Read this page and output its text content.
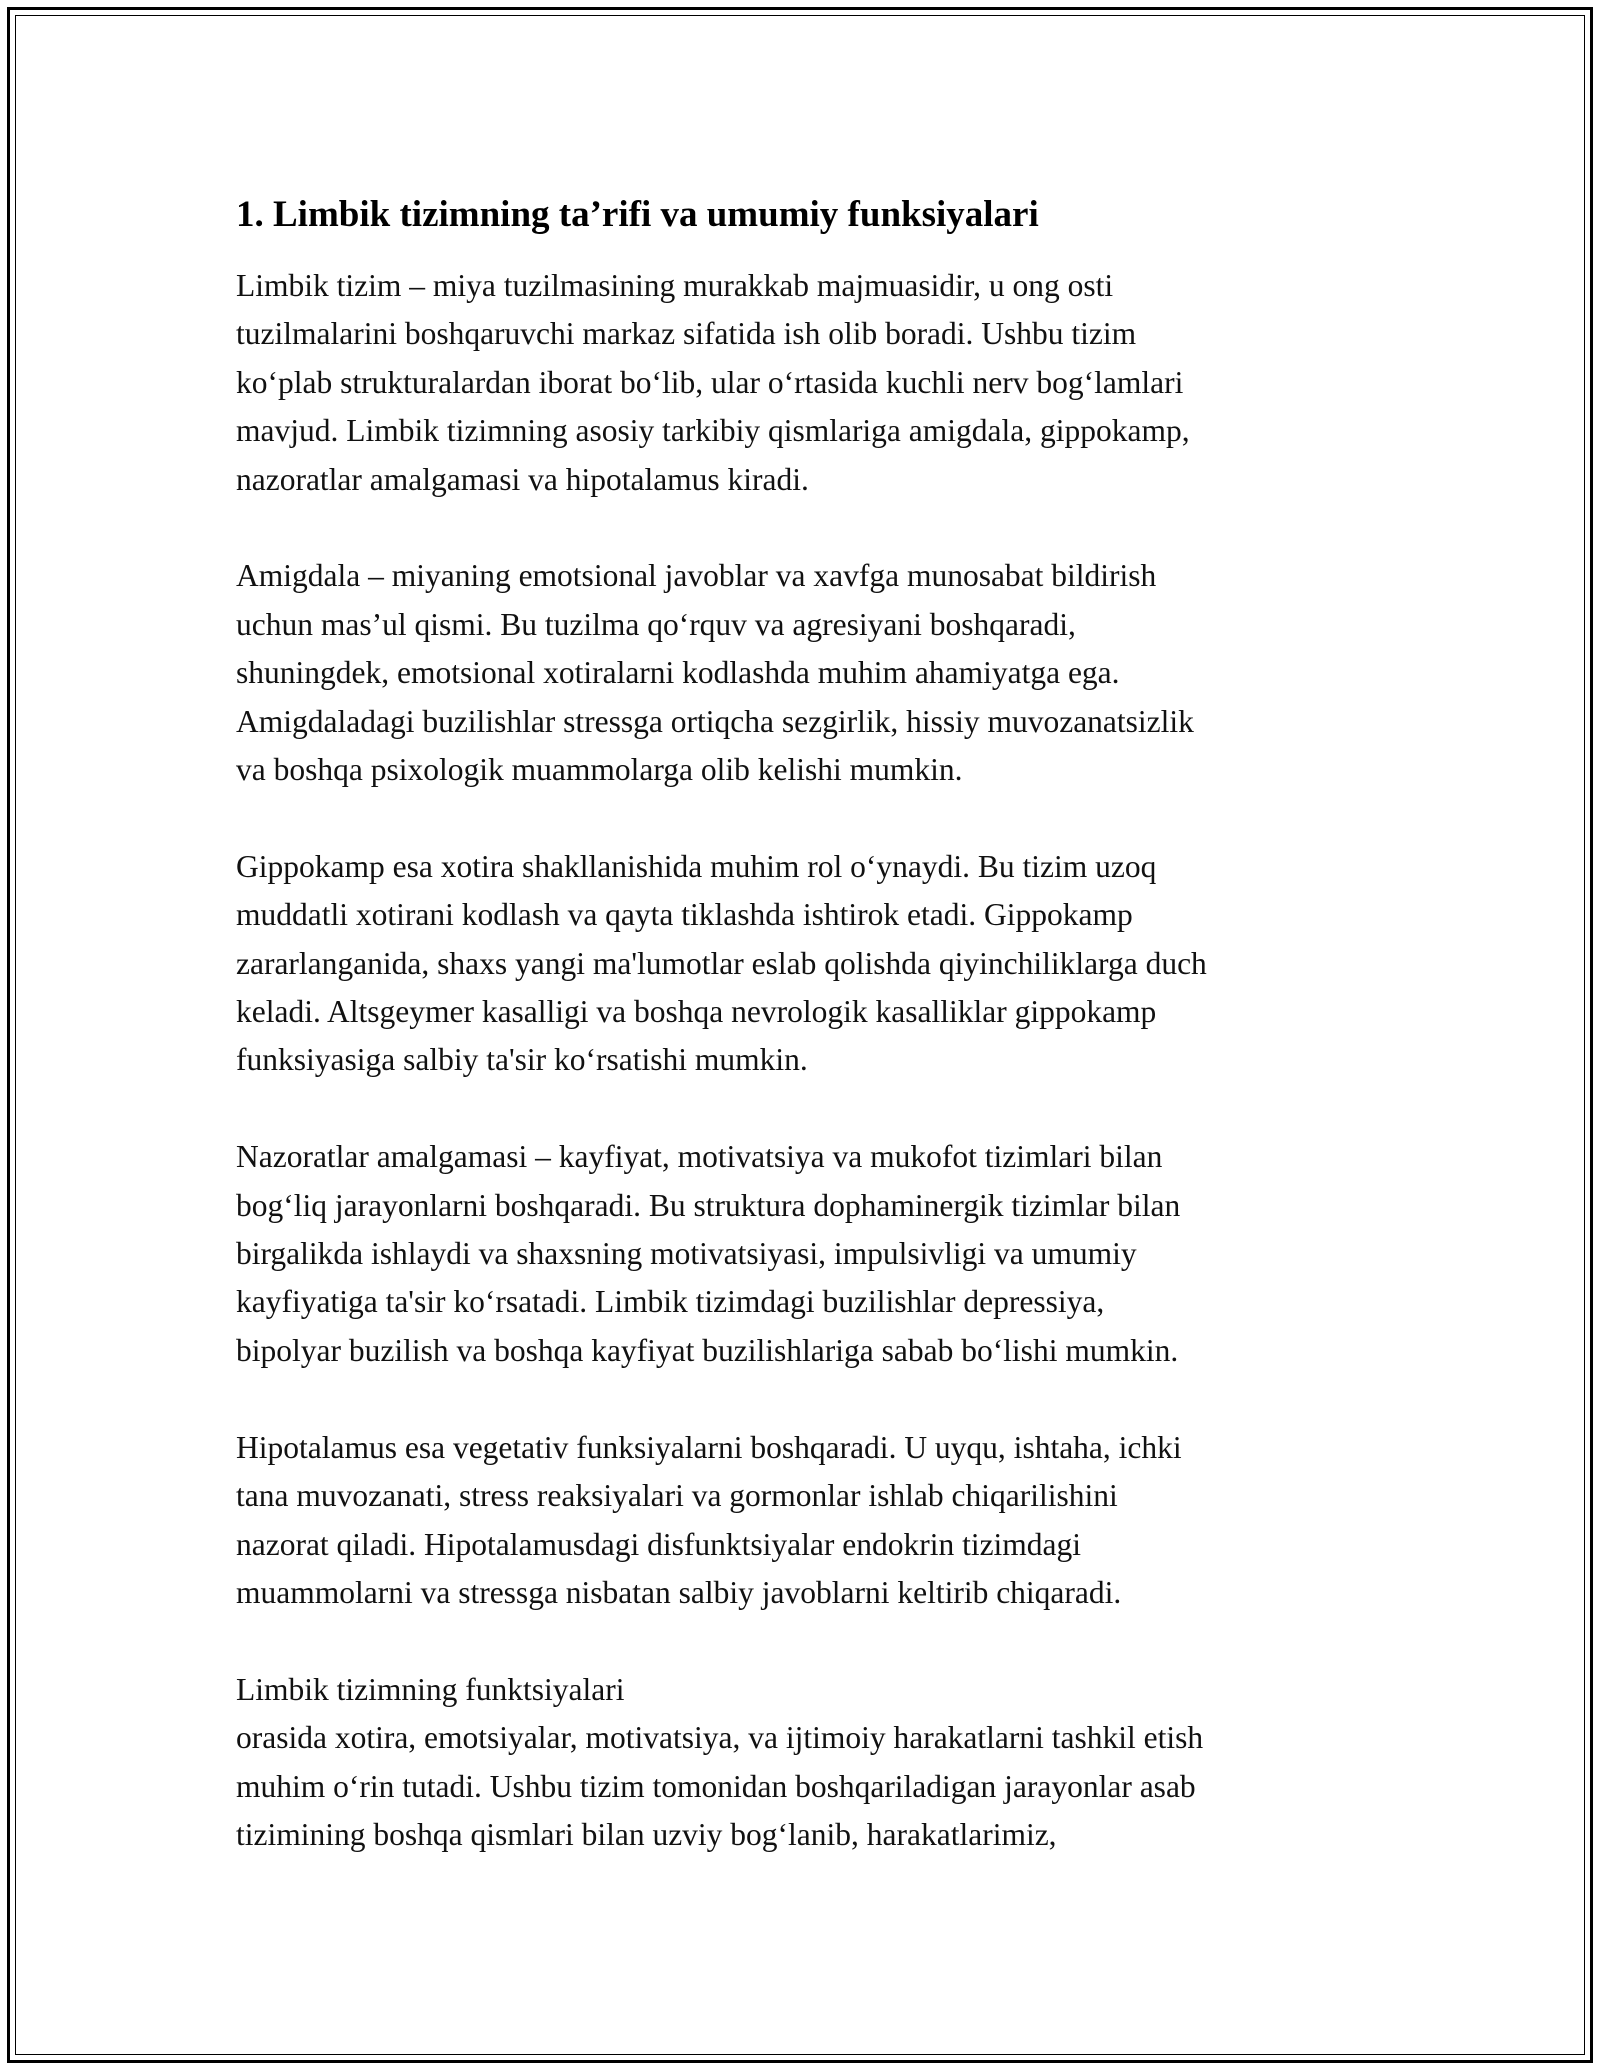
1. Limbik tizimning ta’rifi va umumiy funksiyalari

Limbik tizim – miya tuzilmasining murakkab majmuasidir, u ong osti

tuzilmalarini boshqaruvchi markaz sifatida ish olib boradi. Ushbu tizim

ko‘plab strukturalardan iborat bo‘lib, ular o‘rtasida kuchli nerv bog‘lamlari

mavjud. Limbik tizimning asosiy tarkibiy qismlariga amigdala, gippokamp,

nazoratlar amalgamasi va hipotalamus kiradi.

Amigdala – miyaning emotsional javoblar va xavfga munosabat bildirish

uchun mas’ul qismi. Bu tuzilma qo‘rquv va agresiyani boshqaradi,

shuningdek, emotsional xotiralarni kodlashda muhim ahamiyatga ega.

Amigdaladagi buzilishlar stressga ortiqcha sezgirlik, hissiy muvozanatsizlik

va boshqa psixologik muammolarga olib kelishi mumkin.

Gippokamp esa xotira shakllanishida muhim rol o‘ynaydi. Bu tizim uzoq

muddatli xotirani kodlash va qayta tiklashda ishtirok etadi. Gippokamp

zararlanganida, shaxs yangi ma'lumotlar eslab qolishda qiyinchiliklarga duch

keladi. Altsgeymer kasalligi va boshqa nevrologik kasalliklar gippokamp

funksiyasiga salbiy ta'sir ko‘rsatishi mumkin.

Nazoratlar amalgamasi – kayfiyat, motivatsiya va mukofot tizimlari bilan

bog‘liq jarayonlarni boshqaradi. Bu struktura dophaminergik tizimlar bilan

birgalikda ishlaydi va shaxsning motivatsiyasi, impulsivligi va umumiy

kayfiyatiga ta'sir ko‘rsatadi. Limbik tizimdagi buzilishlar depressiya,

bipolyar buzilish va boshqa kayfiyat buzilishlariga sabab bo‘lishi mumkin.

Hipotalamus esa vegetativ funksiyalarni boshqaradi. U uyqu, ishtaha, ichki

tana muvozanati, stress reaksiyalari va gormonlar ishlab chiqarilishini

nazorat qiladi. Hipotalamusdagi disfunktsiyalar endokrin tizimdagi

muammolarni va stressga nisbatan salbiy javoblarni keltirib chiqaradi.

Limbik tizimning funktsiyalari

orasida xotira, emotsiyalar, motivatsiya, va ijtimoiy harakatlarni tashkil etish

muhim o‘rin tutadi. Ushbu tizim tomonidan boshqariladigan jarayonlar asab

tizimining boshqa qismlari bilan uzviy bog‘lanib, harakatlarimiz,
